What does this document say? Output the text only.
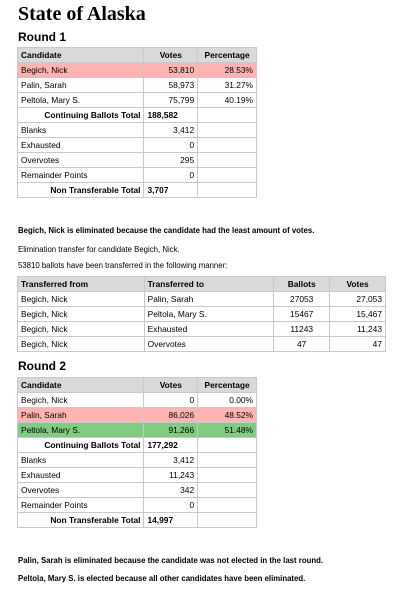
State of Alaska
Round 1
Candidate	Votes	Percentage
Begich, Nick	53,810	28.53%
Palin, Sarah	58,973	31.27%
Peltola, Mary S.	75,799	40.19%
Continuing Ballots Total	188,582	
Blanks	3,412	
Exhausted	0	
Overvotes	295	
Remainder Points	0	
Non Transferable Total	3,707	
Begich, Nick is eliminated because the candidate had the least amount of votes.
Elimination transfer for candidate Begich, Nick.
53810 ballots have been transferred in the following manner:
Transferred from	Transferred to	Ballots	Votes
Begich, Nick	Palin, Sarah	27053	27,053
Begich, Nick	Peltola, Mary S.	15467	15,467
Begich, Nick	Exhausted	11243	11,243
Begich, Nick	Overvotes	47	47
Round 2
Candidate	Votes	Percentage
Begich, Nick	0	0.00%
Palin, Sarah	86,026	48.52%
Peltola, Mary S.	91,266	51.48%
Continuing Ballots Total	177,292	
Blanks	3,412	
Exhausted	11,243	
Overvotes	342	
Remainder Points	0	
Non Transferable Total	14,997	
Palin, Sarah is eliminated because the candidate was not elected in the last round.
Peltola, Mary S. is elected because all other candidates have been eliminated.
